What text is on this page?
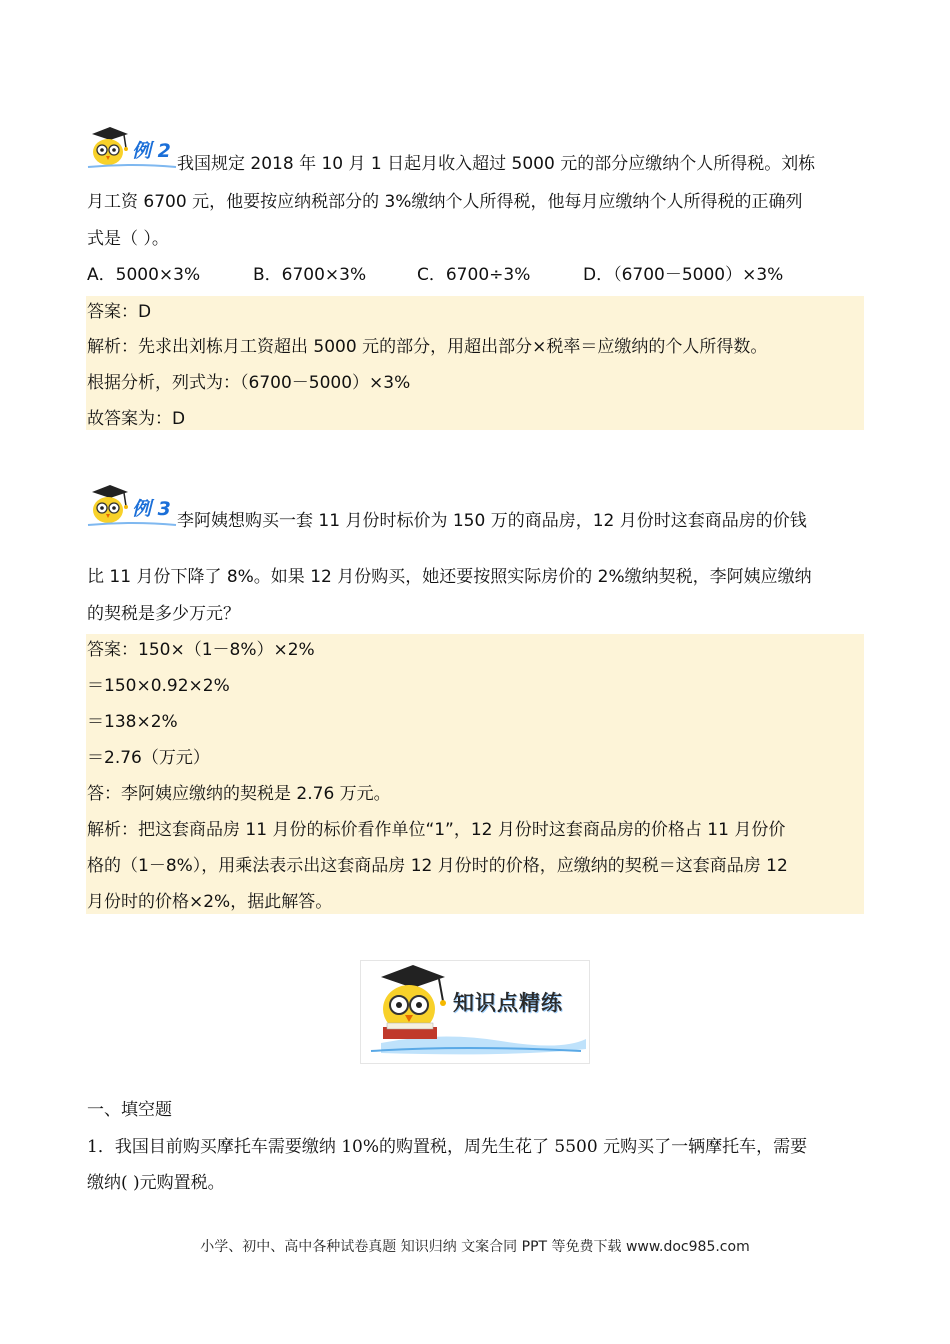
例 2
我国规定 2018 年 10 月 1 日起月收入超过 5000 元的部分应缴纳个人所得税。刘栋
月工资 6700 元，他要按应纳税部分的 3%缴纳个人所得税，他每月应缴纳个人所得税的正确列
式是（ ）。
A．5000×3%	B．6700×3%	C．6700÷3%	D．（6700－5000）×3%
答案：D
解析：先求出刘栋月工资超出 5000 元的部分，用超出部分×税率＝应缴纳的个人所得数。
根据分析，列式为：（6700－5000）×3%
故答案为：D
例 3
李阿姨想购买一套 11 月份时标价为 150 万的商品房，12 月份时这套商品房的价钱
比 11 月份下降了 8%。如果 12 月份购买，她还要按照实际房价的 2%缴纳契税，李阿姨应缴纳
的契税是多少万元？
答案：150×（1－8%）×2%
＝150×0.92×2%
＝138×2%
＝2.76（万元）
答：李阿姨应缴纳的契税是 2.76 万元。
解析：把这套商品房 11 月份的标价看作单位“1”，12 月份时这套商品房的价格占 11 月份价
格的（1－8%），用乘法表示出这套商品房 12 月份时的价格，应缴纳的契税＝这套商品房 12
月份时的价格×2%，据此解答。
知识点精练
一、填空题
1．我国目前购买摩托车需要缴纳 10%的购置税，周先生花了 5500 元购买了一辆摩托车，需要
缴纳( )元购置税。
小学、初中、高中各种试卷真题 知识归纳 文案合同 PPT 等免费下载 www.doc985.com
